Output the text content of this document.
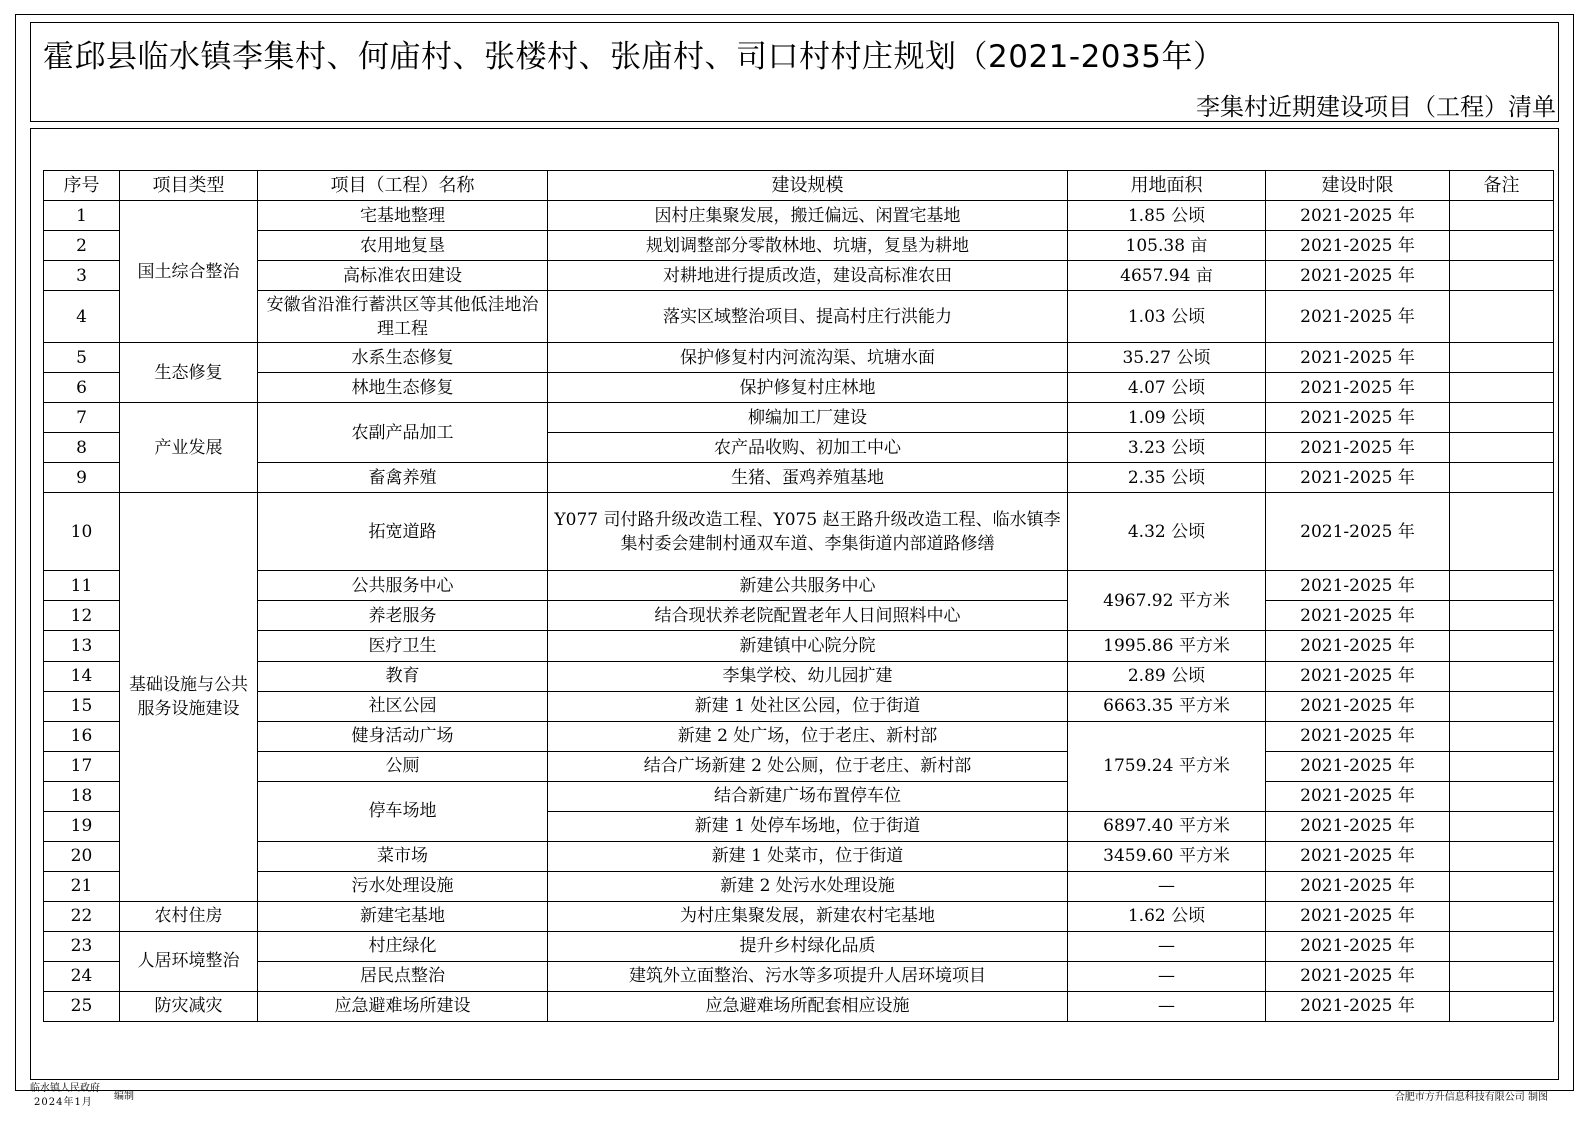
霍邱县临水镇李集村、何庙村、张楼村、张庙村、司口村村庄规划（2021-2035年）
李集村近期建设项目（工程）清单
序号	项目类型	项目（工程）名称	建设规模	用地面积	建设时限	备注
1	国土综合整治	宅基地整理	因村庄集聚发展，搬迁偏远、闲置宅基地	1.85 公顷	2021-2025 年	
2		农用地复垦	规划调整部分零散林地、坑塘，复垦为耕地	105.38 亩	2021-2025 年	
3		高标准农田建设	对耕地进行提质改造，建设高标准农田	4657.94 亩	2021-2025 年	
4		安徽省沿淮行蓄洪区等其他低洼地治理工程	落实区域整治项目、提高村庄行洪能力	1.03 公顷	2021-2025 年	
5	生态修复	水系生态修复	保护修复村内河流沟渠、坑塘水面	35.27 公顷	2021-2025 年	
6		林地生态修复	保护修复村庄林地	4.07 公顷	2021-2025 年	
7	产业发展	农副产品加工	柳编加工厂建设	1.09 公顷	2021-2025 年	
8			农产品收购、初加工中心	3.23 公顷	2021-2025 年	
9		畜禽养殖	生猪、蛋鸡养殖基地	2.35 公顷	2021-2025 年	
10	基础设施与公共服务设施建设	拓宽道路	Y077 司付路升级改造工程、Y075 赵王路升级改造工程、临水镇李集村委会建制村通双车道、李集街道内部道路修缮	4.32 公顷	2021-2025 年	
11		公共服务中心	新建公共服务中心	4967.92 平方米	2021-2025 年	
12		养老服务	结合现状养老院配置老年人日间照料中心		2021-2025 年	
13		医疗卫生	新建镇中心院分院	1995.86 平方米	2021-2025 年	
14		教育	李集学校、幼儿园扩建	2.89 公顷	2021-2025 年	
15		社区公园	新建 1 处社区公园，位于街道	6663.35 平方米	2021-2025 年	
16		健身活动广场	新建 2 处广场，位于老庄、新村部	1759.24 平方米	2021-2025 年	
17		公厕	结合广场新建 2 处公厕，位于老庄、新村部		2021-2025 年	
18		停车场地	结合新建广场布置停车位		2021-2025 年	
19			新建 1 处停车场地，位于街道	6897.40 平方米	2021-2025 年	
20		菜市场	新建 1 处菜市，位于街道	3459.60 平方米	2021-2025 年	
21		污水处理设施	新建 2 处污水处理设施	—	2021-2025 年	
22	农村住房	新建宅基地	为村庄集聚发展，新建农村宅基地	1.62 公顷	2021-2025 年	
23	人居环境整治	村庄绿化	提升乡村绿化品质	—	2021-2025 年	
24		居民点整治	建筑外立面整治、污水等多项提升人居环境项目	—	2021-2025 年	
25	防灾减灾	应急避难场所建设	应急避难场所配套相应设施	—	2021-2025 年	
临水镇人民政府
2024年1月
编制	合肥市方升信息科技有限公司 制图
